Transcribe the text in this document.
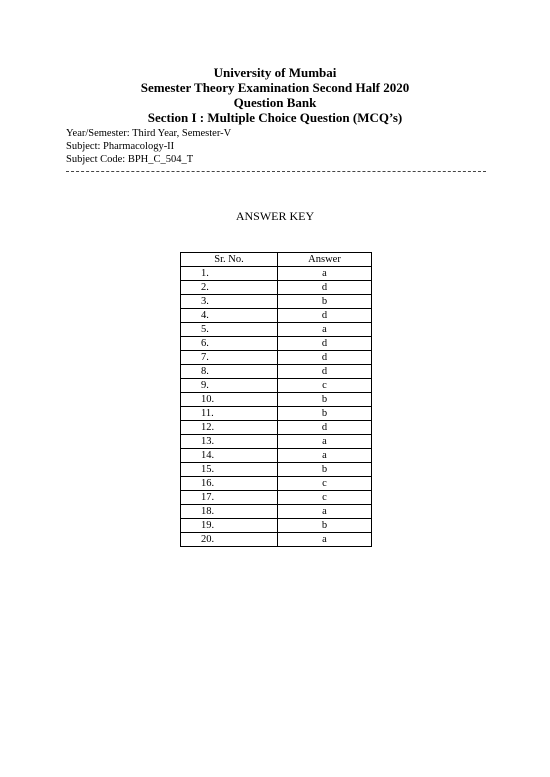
University of Mumbai
Semester Theory Examination Second Half 2020
Question Bank
Section I : Multiple Choice Question (MCQ’s)
Year/Semester: Third Year, Semester-V
Subject: Pharmacology-II
Subject Code: BPH_C_504_T
ANSWER KEY
Sr. No.	Answer
1.	a
2.	d
3.	b
4.	d
5.	a
6.	d
7.	d
8.	d
9.	c
10.	b
11.	b
12.	d
13.	a
14.	a
15.	b
16.	c
17.	c
18.	a
19.	b
20.	a
